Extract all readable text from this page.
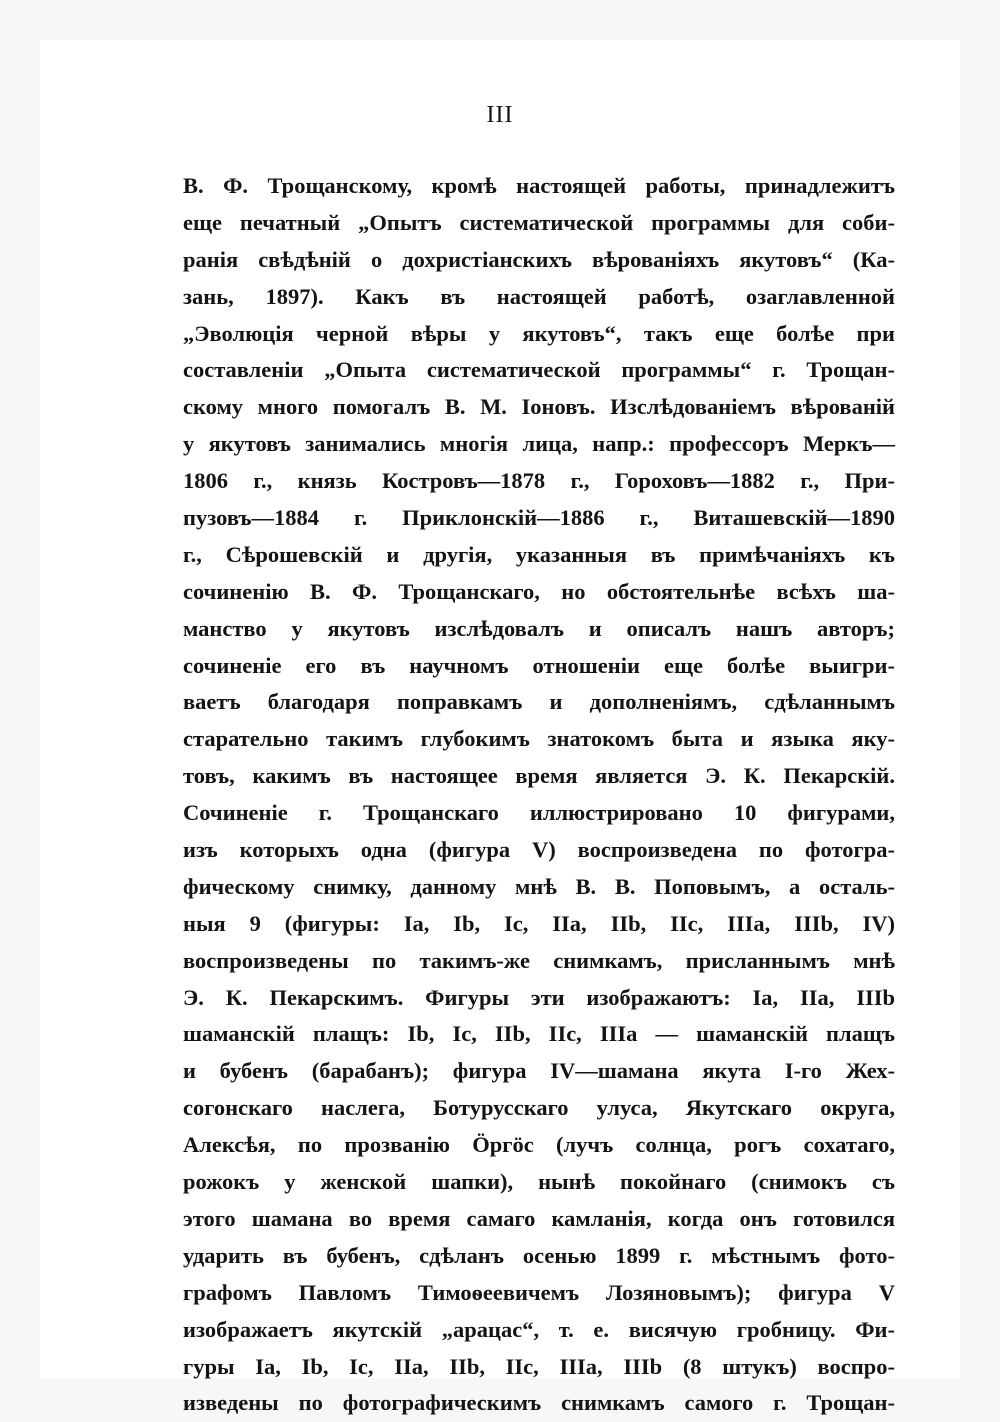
III
В. Ф. Трощанскому, кромѣ настоящей работы, принадлежитъ
еще печатный „Опытъ систематической программы для соби-
ранія свѣдѣній о дохристіанскихъ вѣрованіяхъ якутовъ“ (Ка-
зань, 1897). Какъ въ настоящей работѣ, озаглавленной
„Эволюція черной вѣры у якутовъ“, такъ еще болѣе при
составленіи „Опыта систематической программы“ г. Трощан-
скому много помогалъ В. М. Іоновъ. Изслѣдованіемъ вѣрованій
у якутовъ занимались многія лица, напр.: профессоръ Меркъ—
1806 г., князь Костровъ—1878 г., Гороховъ—1882 г., При-
пузовъ—1884 г. Приклонскій—1886 г., Виташевскій—1890
г., Сѣрошевскій и другія, указанныя въ примѣчаніяхъ къ
сочиненію В. Ф. Трощанскаго, но обстоятельнѣе всѣхъ ша-
манство у якутовъ изслѣдовалъ и описалъ нашъ авторъ;
сочиненіе его въ научномъ отношеніи еще болѣе выигри-
ваетъ благодаря поправкамъ и дополненіямъ, сдѣланнымъ
старательно такимъ глубокимъ знатокомъ быта и языка яку-
товъ, какимъ въ настоящее время является Э. К. Пекарскій.
Сочиненіе г. Трощанскаго иллюстрировано 10 фигурами,
изъ которыхъ одна (фигура V) воспроизведена по фотогра-
фическому снимку, данному мнѣ В. В. Поповымъ, а осталь-
ныя 9 (фигуры: Ia, Ib, Ic, IIa, IIb, IIc, IIIa, IIIb, IV)
воспроизведены по такимъ-же снимкамъ, присланнымъ мнѣ
Э. К. Пекарскимъ. Фигуры эти изображаютъ: Ia, IIa, IIIb
шаманскій плащъ: Ib, Ic, IIb, IIc, IIIa — шаманскій плащъ
и бубенъ (барабанъ); фигура IV—шамана якута I-го Жех-
согонскаго наслега, Ботурусскаго улуса, Якутскаго округа,
Алексѣя, по прозванію Ӧргӧс (лучъ солнца, рогъ сохатаго,
рожокъ у женской шапки), нынѣ покойнаго (снимокъ съ
этого шамана во время самаго камланія, когда онъ готовился
ударить въ бубенъ, сдѣланъ осенью 1899 г. мѣстнымъ фото-
графомъ Павломъ Тимоѳеевичемъ Лозяновымъ); фигура V
изображаетъ якутскій „арацас“, т. е. висячую гробницу. Фи-
гуры Ia, Ib, Ic, IIa, IIb, IIc, IIIa, IIIb (8 штукъ) воспро-
изведены по фотографическимъ снимкамъ самого г. Трощан-
